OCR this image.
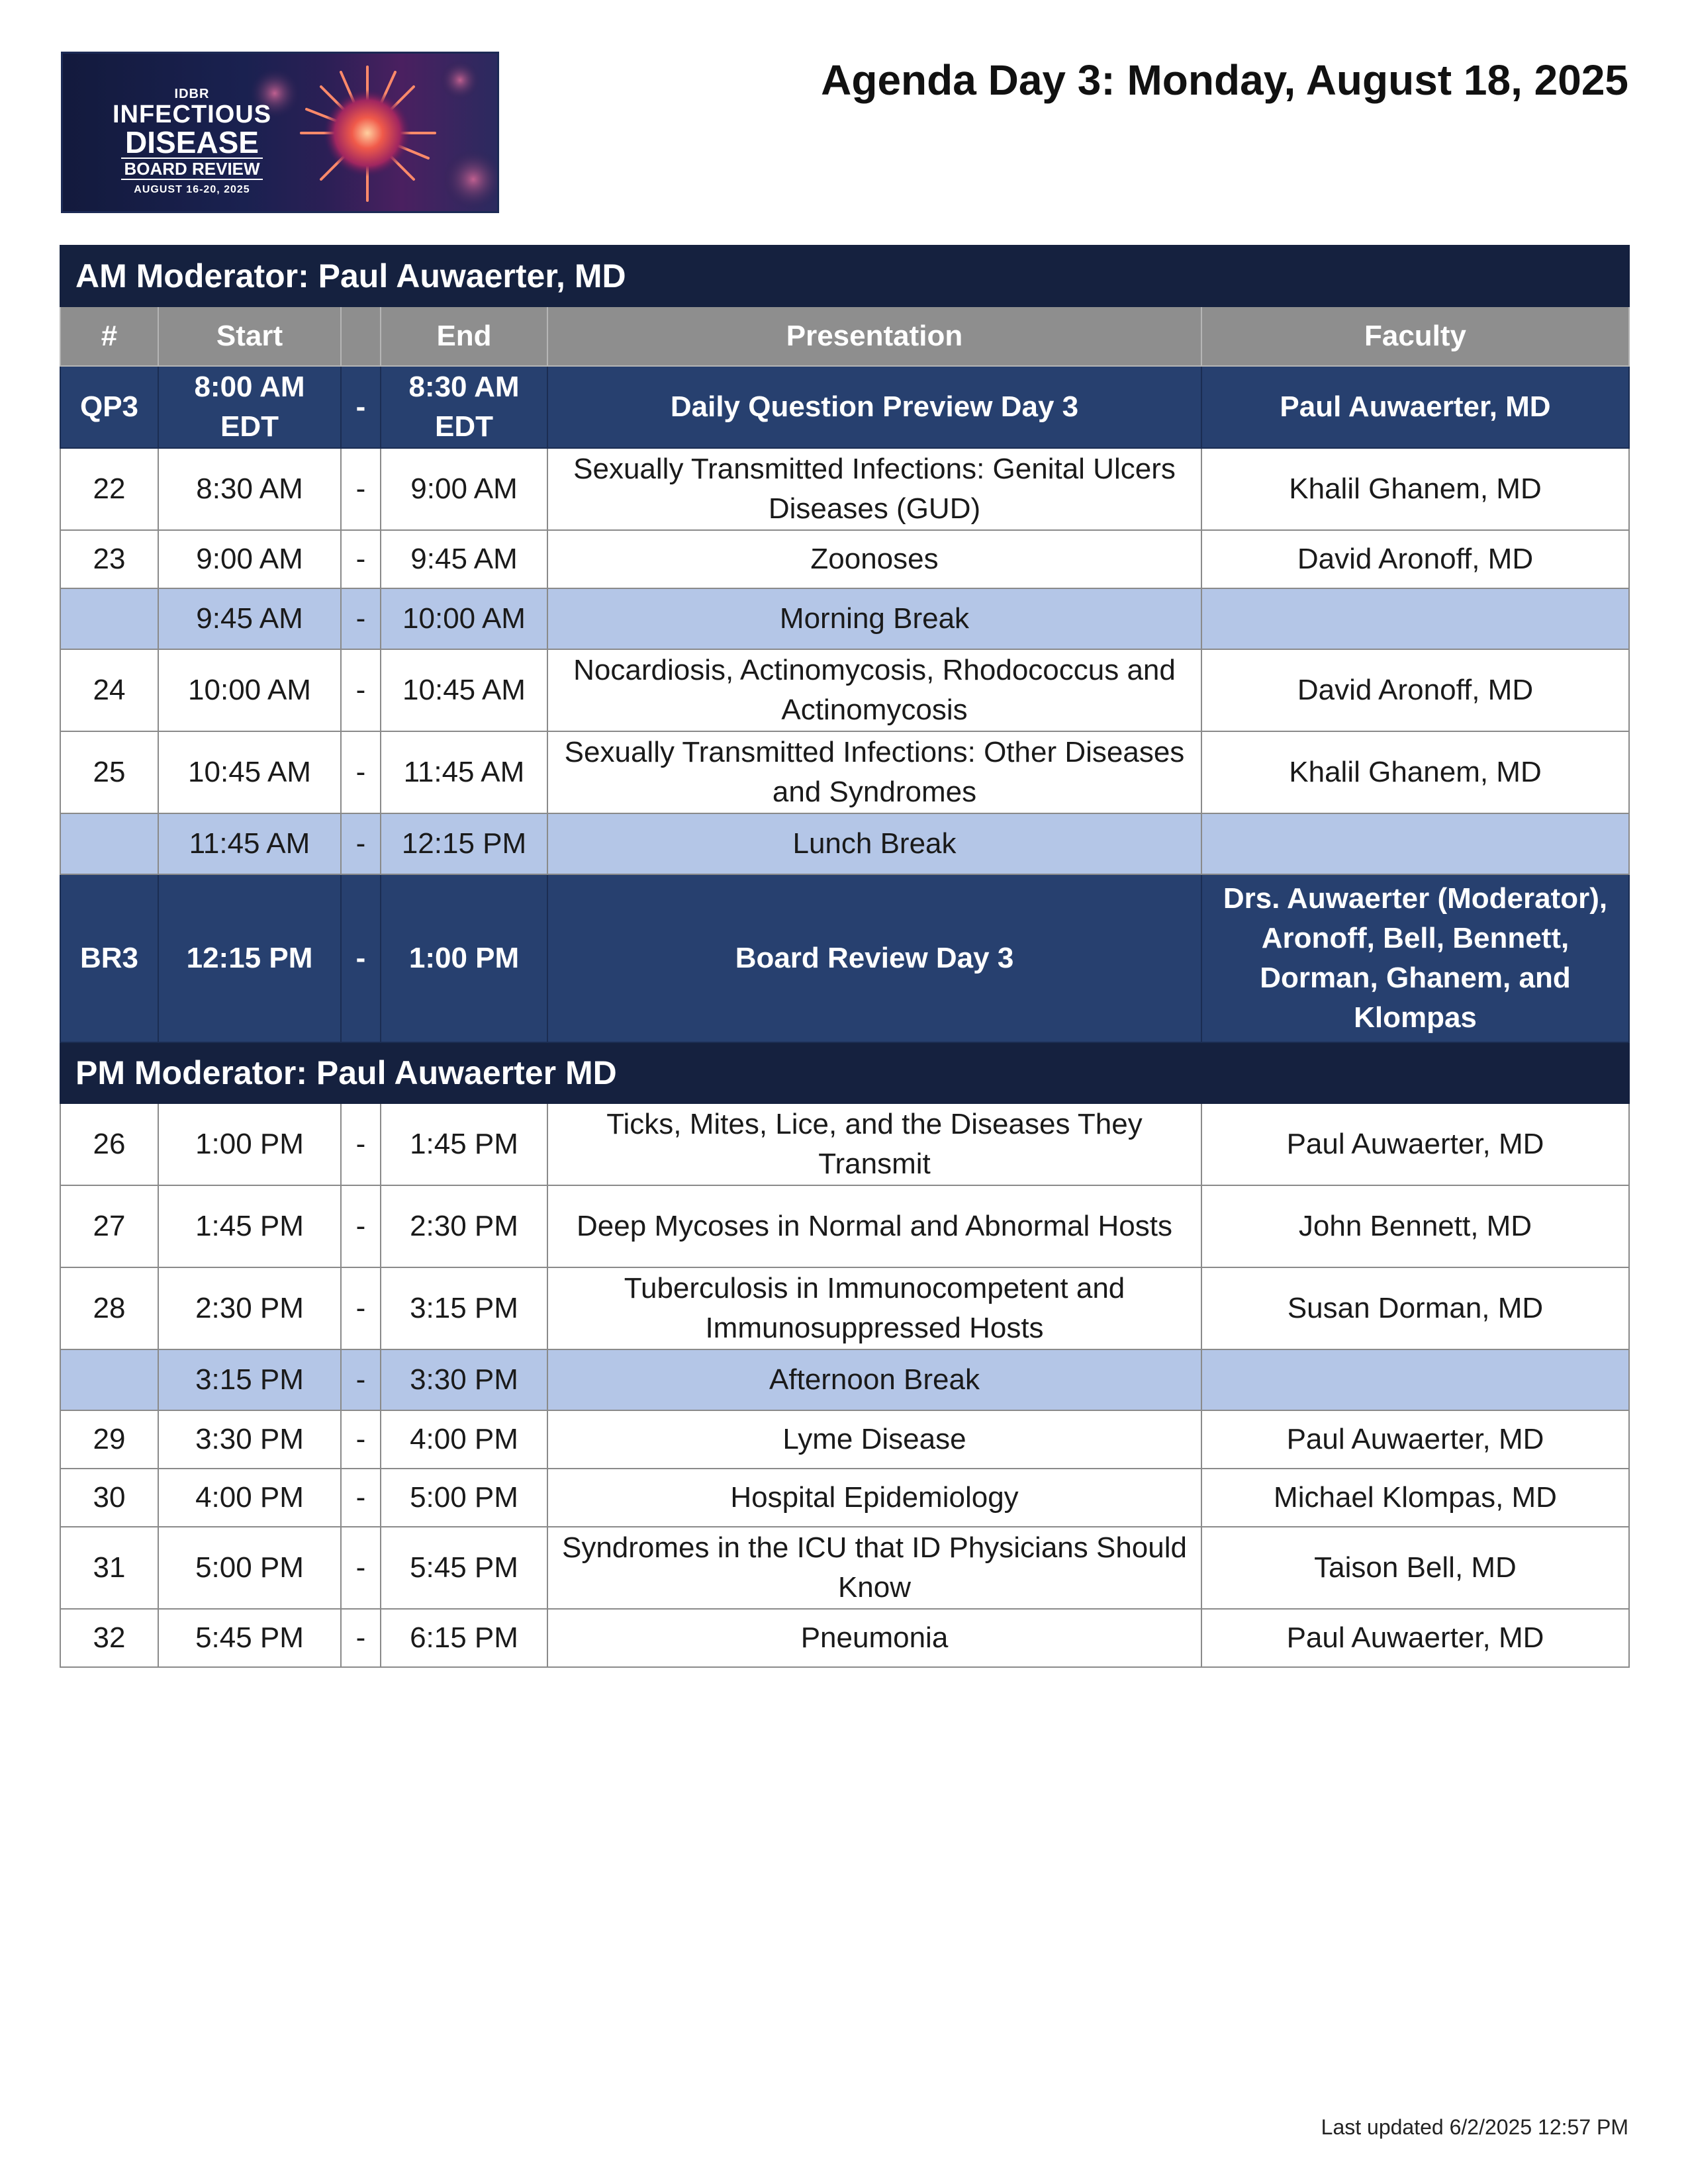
IDBR
INFECTIOUS
DISEASE
BOARD REVIEW
AUGUST 16-20, 2025
Agenda Day 3: Monday, August 18, 2025
AM Moderator: Paul Auwaerter, MD					
#	Start		End	Presentation	Faculty
QP3	8:00 AM EDT	-	8:30 AM EDT	Daily Question Preview Day 3	Paul Auwaerter, MD
22	8:30 AM	-	9:00 AM	Sexually Transmitted Infections: Genital Ulcers Diseases (GUD)	Khalil Ghanem, MD
23	9:00 AM	-	9:45 AM	Zoonoses	David Aronoff, MD
	9:45 AM	-	10:00 AM	Morning Break	
24	10:00 AM	-	10:45 AM	Nocardiosis, Actinomycosis, Rhodococcus and Actinomycosis	David Aronoff, MD
25	10:45 AM	-	11:45 AM	Sexually Transmitted Infections: Other Diseases and Syndromes	Khalil Ghanem, MD
	11:45 AM	-	12:15 PM	Lunch Break	
BR3	12:15 PM	-	1:00 PM	Board Review Day 3	Drs. Auwaerter (Moderator), Aronoff, Bell, Bennett, Dorman, Ghanem, and Klompas
PM Moderator: Paul Auwaerter MD					
26	1:00 PM	-	1:45 PM	Ticks, Mites, Lice, and the Diseases They Transmit	Paul Auwaerter, MD
27	1:45 PM	-	2:30 PM	Deep Mycoses in Normal and Abnormal Hosts	John Bennett, MD
28	2:30 PM	-	3:15 PM	Tuberculosis in Immunocompetent and Immunosuppressed Hosts	Susan Dorman, MD
	3:15 PM	-	3:30 PM	Afternoon Break	
29	3:30 PM	-	4:00 PM	Lyme Disease	Paul Auwaerter, MD
30	4:00 PM	-	5:00 PM	Hospital Epidemiology	Michael Klompas, MD
31	5:00 PM	-	5:45 PM	Syndromes in the ICU that ID Physicians Should Know	Taison Bell, MD
32	5:45 PM	-	6:15 PM	Pneumonia	Paul Auwaerter, MD
Last updated 6/2/2025 12:57 PM
